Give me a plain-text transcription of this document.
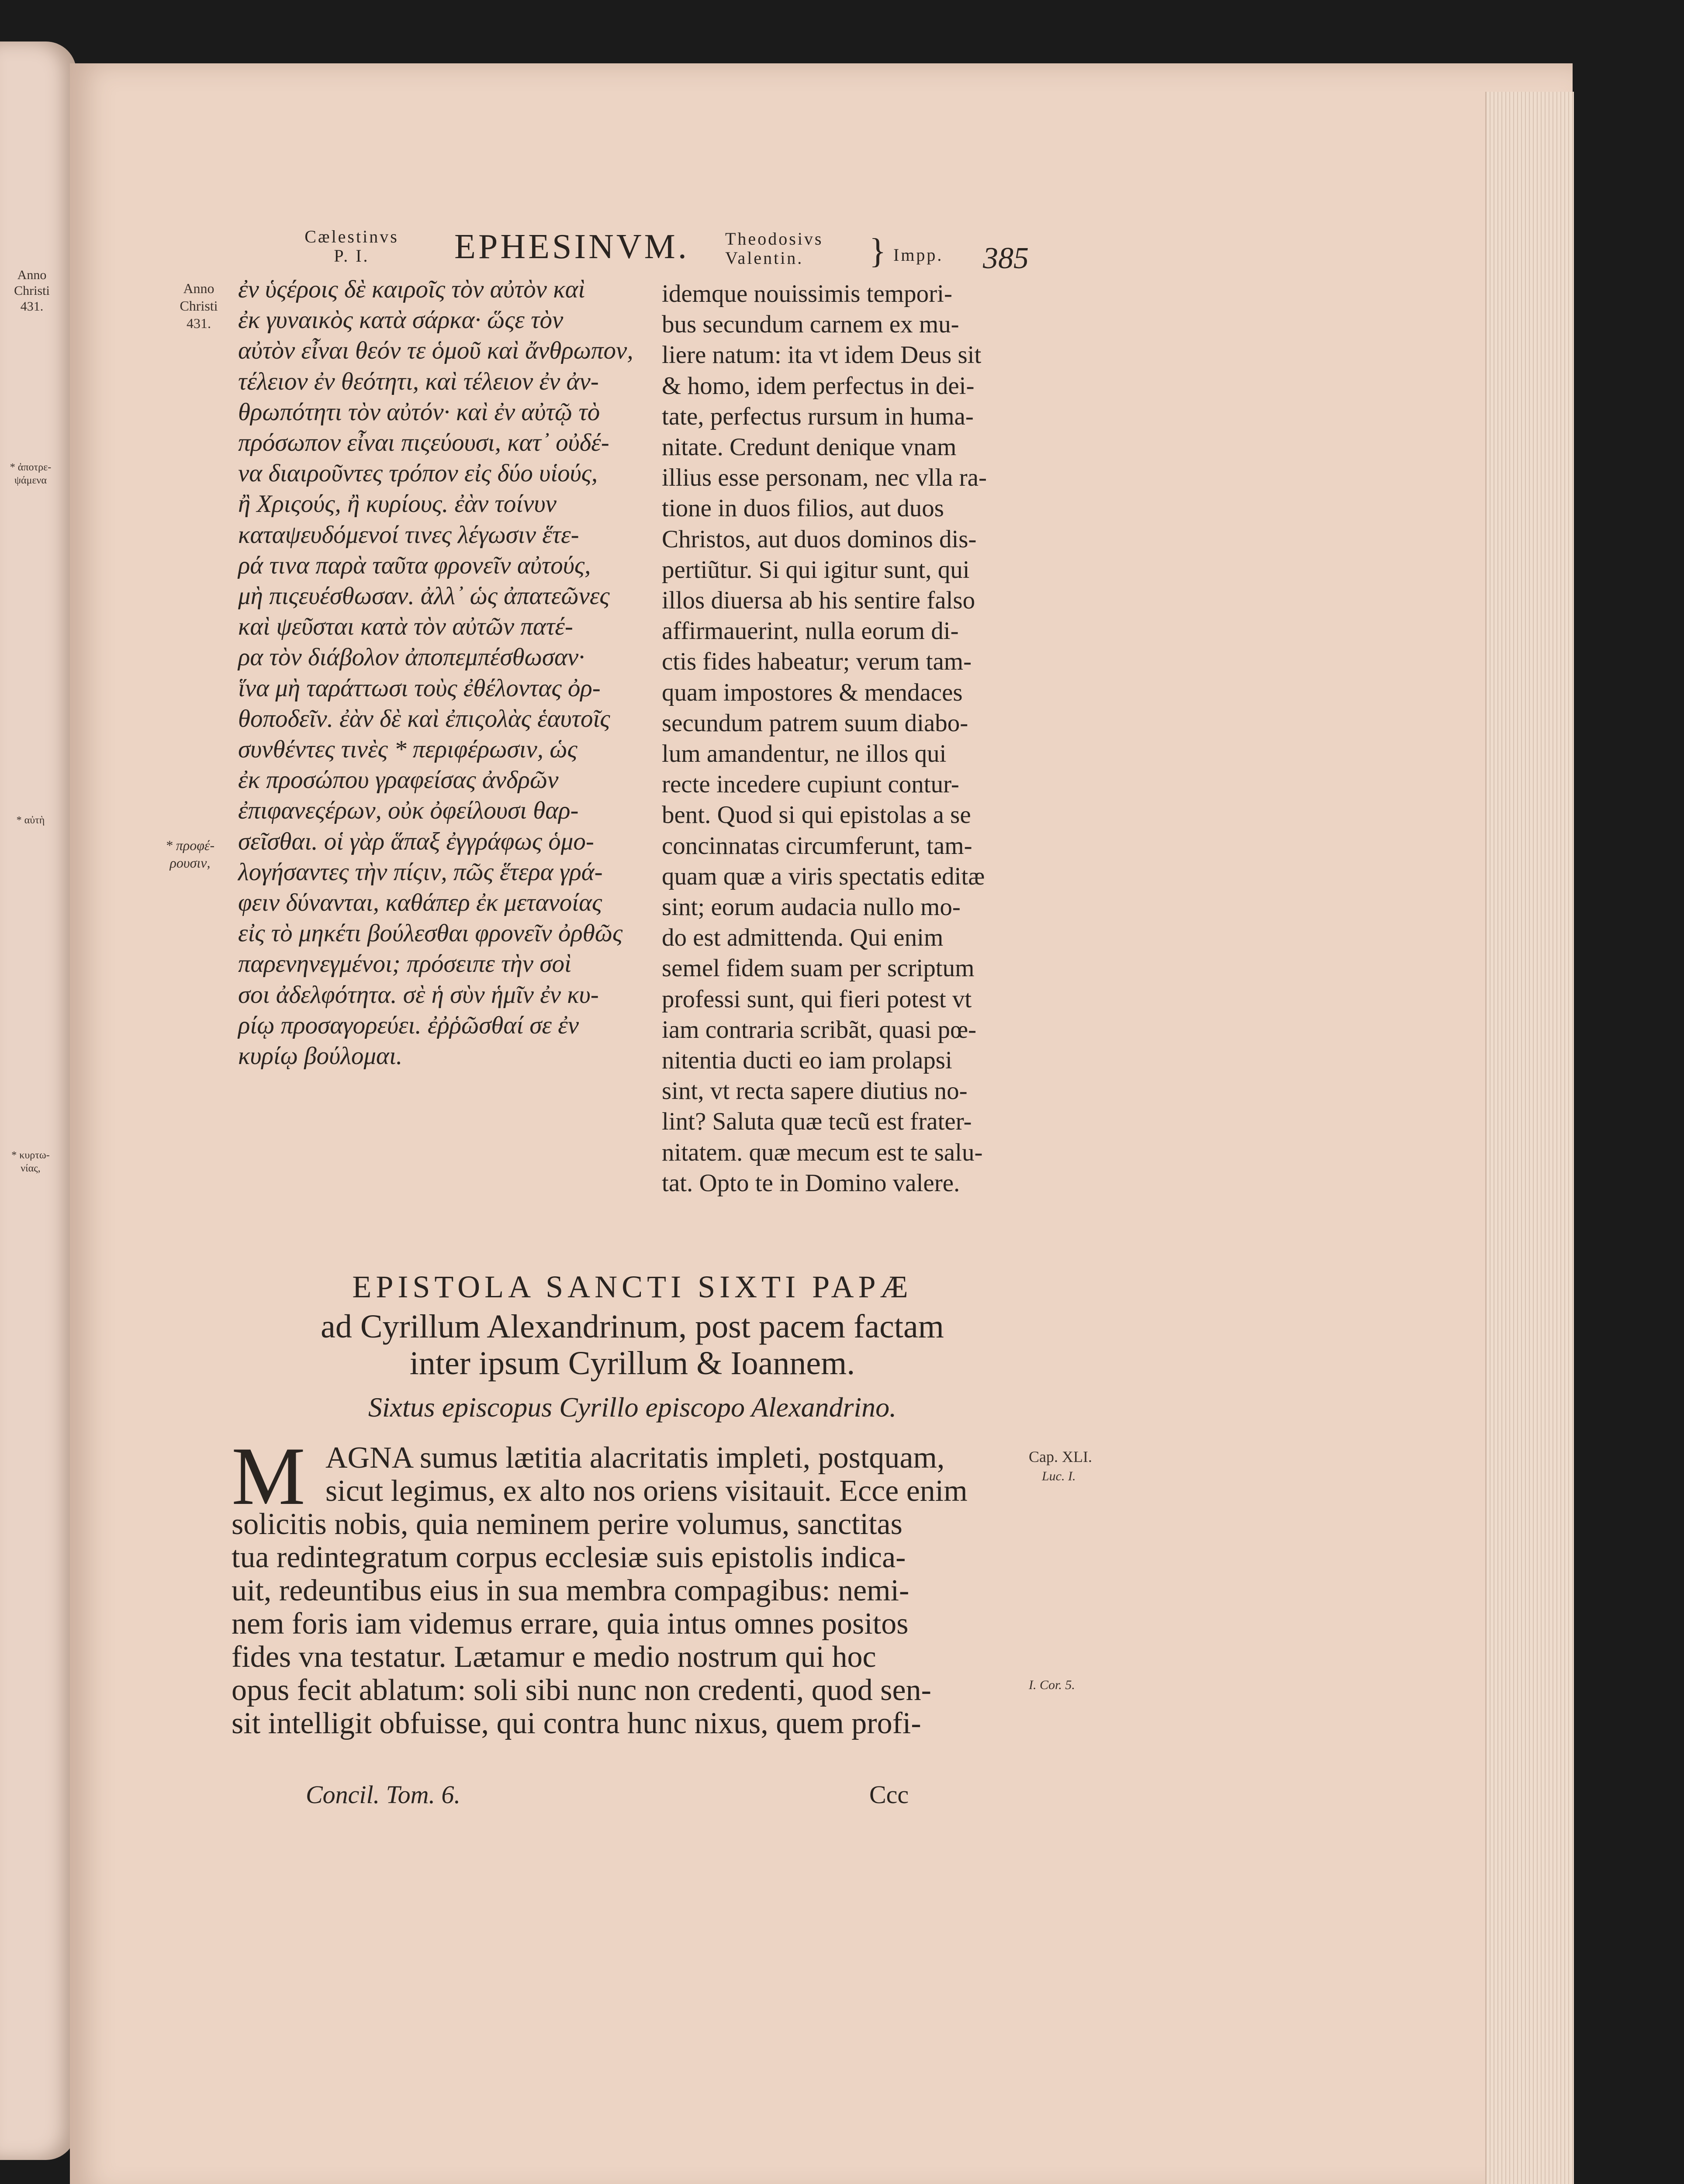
Anno
Christi
431.
* ἀποτρε-
ψάμενα
* αὐτὴ
* κυρτω-
νίας,
Cælestinvs
P. I.	EPHESINVM. Theodosivs
Valentin.	} Impp. 385
Anno
Christi
431.
* προφέ-
ρουσιν,
ἐν ὑςέροις δὲ καιροῖς τὸν αὐτὸν καὶ
ἐκ γυναικὸς κατὰ σάρκα· ὥςε τὸν
αὐτὸν εἶναι θεόν τε ὁμοῦ καὶ ἄνθρωπον,
τέλειον ἐν θεότητι, καὶ τέλειον ἐν ἀν-
θρωπότητι τὸν αὐτόν· καὶ ἐν αὐτῷ τὸ
πρόσωπον εἶναι πιςεύουσι, κατ᾽ οὐδέ-
να διαιροῦντες τρόπον εἰς δύο υἱούς,
ἢ Χριςούς, ἢ κυρίους. ἐὰν τοίνυν
καταψευδόμενοί τινες λέγωσιν ἕτε-
ρά τινα παρὰ ταῦτα φρονεῖν αὐτούς,
μὴ πιςευέσθωσαν. ἀλλ᾽ ὡς ἀπατεῶνες
καὶ ψεῦσται κατὰ τὸν αὐτῶν πατέ-
ρα τὸν διάβολον ἀποπεμπέσθωσαν·
ἵνα μὴ ταράττωσι τοὺς ἐθέλοντας ὀρ-
θοποδεῖν. ἐὰν δὲ καὶ ἐπιςολὰς ἑαυτοῖς
συνθέντες τινὲς * περιφέρωσιν, ὡς
ἐκ προσώπου γραφείσας ἀνδρῶν
ἐπιφανεςέρων, οὐκ ὀφείλουσι θαρ-
σεῖσθαι. οἱ γὰρ ἅπαξ ἐγγράφως ὁμο-
λογήσαντες τὴν πίςιν, πῶς ἕτερα γρά-
φειν δύνανται, καθάπερ ἐκ μετανοίας
εἰς τὸ μηκέτι βούλεσθαι φρονεῖν ὀρθῶς
παρενηνεγμένοι; πρόσειπε τὴν σοὶ
σοι ἀδελφότητα. σὲ ἡ σὺν ἡμῖν ἐν κυ-
ρίῳ προσαγορεύει. ἐῤῥῶσθαί σε ἐν
κυρίῳ βούλομαι.
idemque nouissimis tempori-
bus secundum carnem ex mu-
liere natum: ita vt idem Deus sit
& homo, idem perfectus in dei-
tate, perfectus rursum in huma-
nitate. Credunt denique vnam
illius esse personam, nec vlla ra-
tione in duos filios, aut duos
Christos, aut duos dominos dis-
pertiũtur. Si qui igitur sunt, qui
illos diuersa ab his sentire falso
affirmauerint, nulla eorum di-
ctis fides habeatur; verum tam-
quam impostores & mendaces
secundum patrem suum diabo-
lum amandentur, ne illos qui
recte incedere cupiunt contur-
bent. Quod si qui epistolas a se
concinnatas circumferunt, tam-
quam quæ a viris spectatis editæ
sint; eorum audacia nullo mo-
do est admittenda. Qui enim
semel fidem suam per scriptum
professi sunt, qui fieri potest vt
iam contraria scribãt, quasi pœ-
nitentia ducti eo iam prolapsi
sint, vt recta sapere diutius no-
lint? Saluta quæ tecũ est frater-
nitatem. quæ mecum est te salu-
tat. Opto te in Domino valere.
EPISTOLA SANCTI SIXTI PAPÆ
ad Cyrillum Alexandrinum, post pacem factam
inter ipsum Cyrillum & Ioannem.
Sixtus episcopus Cyrillo episcopo Alexandrino.
M AGNA sumus lætitia alacritatis impleti, postquam,
sicut legimus, ex alto nos oriens visitauit. Ecce enim
solicitis nobis, quia neminem perire volumus, sanctitas
tua redintegratum corpus ecclesiæ suis epistolis indica-
uit, redeuntibus eius in sua membra compagibus: nemi-
nem foris iam videmus errare, quia intus omnes positos
fides vna testatur. Lætamur e medio nostrum qui hoc
opus fecit ablatum: soli sibi nunc non credenti, quod sen-
sit intelligit obfuisse, qui contra hunc nixus, quem profi-
Cap. XLI.
Luc. I.
I. Cor. 5.
Concil. Tom. 6.	Ccc
